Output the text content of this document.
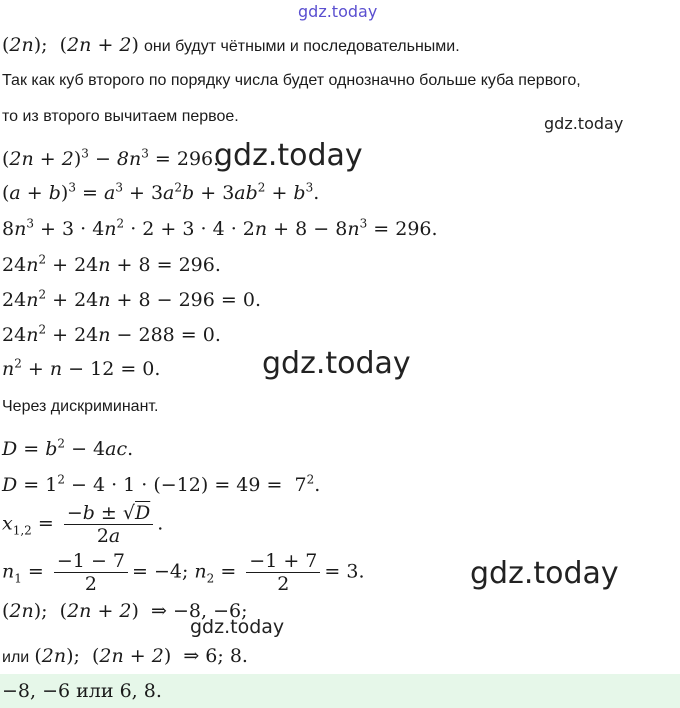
gdz.today
(2n); (2n + 2) они будут чётными и последовательными.
Так как куб второго по порядку числа будет однозначно больше куба первого,
то из второго вычитаем первое.	gdz.today
$(2n + 2)^3 - 8n^3 = 296$.
gdz.today
$(a + b)^3 = a^3 + 3a^2b + 3ab^2 + b^3$.
$8n^3 + 3 \cdot 4n^2 \cdot 2 + 3 \cdot 4 \cdot 2n + 8 - 8n^3 = 296$.
$24n^2 + 24n + 8 = 296$.
$24n^2 + 24n + 8 - 296 = 0$.
$24n^2 + 24n - 288 = 0$.
$n^2 + n - 12 = 0$.	gdz.today
Через дискриминант.
$D = b^2 - 4ac$.
$D = 1^2 - 4 \cdot 1 \cdot (-12) = 49 = 7^2$.
$x_{1,2} = \frac{-b \pm √D}{2a}$ .
$n_1 = \frac{-1 - 7}{2} = -4$; $n_2 = \frac{-1 + 7}{2} = 3$.	gdz.today
(2n); (2n + 2) ⇒ −8, −6;
gdz.today
или (2n); (2n + 2) ⇒ 6; 8.
−8, −6 или 6, 8.
